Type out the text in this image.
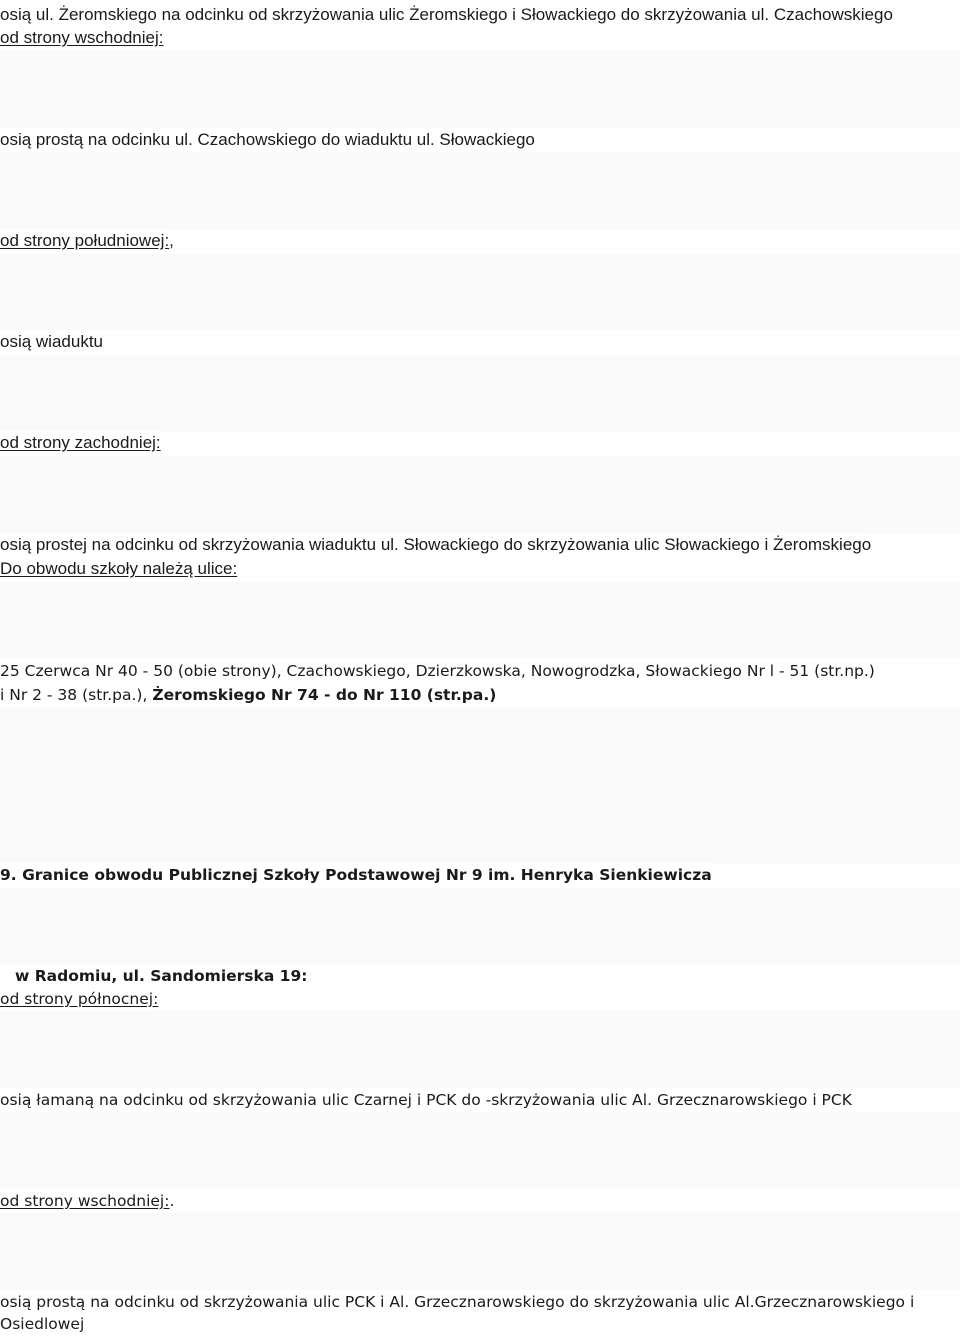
osią ul. Żeromskiego na odcinku od skrzyżowania ulic Żeromskiego i Słowackiego do skrzyżowania ul. Czachowskiego
od strony wschodniej:
osią prostą na odcinku ul. Czachowskiego do wiaduktu ul. Słowackiego
od strony południowej:,
osią wiaduktu
od strony zachodniej:
osią prostej na odcinku od skrzyżowania wiaduktu ul. Słowackiego do skrzyżowania ulic Słowackiego i Żeromskiego
Do obwodu szkoły należą ulice:
25 Czerwca Nr 40 - 50 (obie strony), Czachowskiego, Dzierzkowska, Nowogrodzka, Słowackiego Nr l - 51 (str.np.)
i Nr 2 - 38 (str.pa.), Żeromskiego Nr 74 - do Nr 110 (str.pa.)
9. Granice obwodu Publicznej Szkoły Podstawowej Nr 9 im. Henryka Sienkiewicza
w Radomiu, ul. Sandomierska 19:
od strony północnej:
osią łamaną na odcinku od skrzyżowania ulic Czarnej i PCK do -skrzyżowania ulic Al. Grzecznarowskiego i PCK
od strony wschodniej:.
osią prostą na odcinku od skrzyżowania ulic PCK i Al. Grzecznarowskiego do skrzyżowania ulic Al.Grzecznarowskiego i
Osiedlowej
